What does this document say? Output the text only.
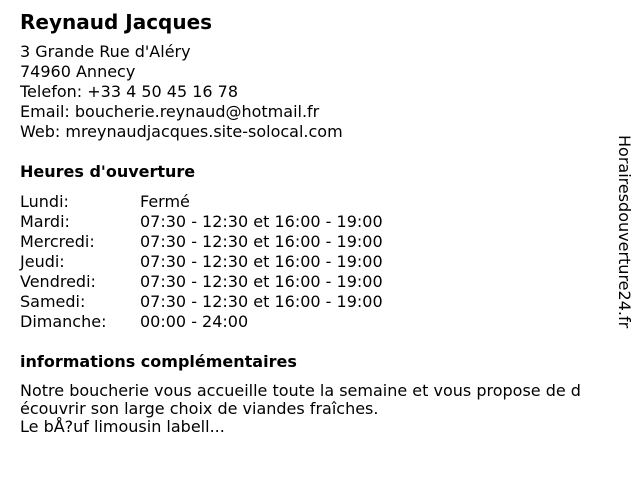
Reynaud Jacques
3 Grande Rue d'Aléry
74960 Annecy
Telefon: +33 4 50 45 16 78
Email: boucherie.reynaud@hotmail.fr
Web: mreynaudjacques.site-solocal.com
Heures d'ouverture
Lundi:	Fermé
Mardi:	07:30 - 12:30 et 16:00 - 19:00
Mercredi:	07:30 - 12:30 et 16:00 - 19:00
Jeudi:	07:30 - 12:30 et 16:00 - 19:00
Vendredi:	07:30 - 12:30 et 16:00 - 19:00
Samedi:	07:30 - 12:30 et 16:00 - 19:00
Dimanche:	00:00 - 24:00
informations complémentaires
Notre boucherie vous accueille toute la semaine et vous propose de d
écouvrir son large choix de viandes fraîches.
Le bÅ?uf limousin labell...
Horairesdouverture24.fr
